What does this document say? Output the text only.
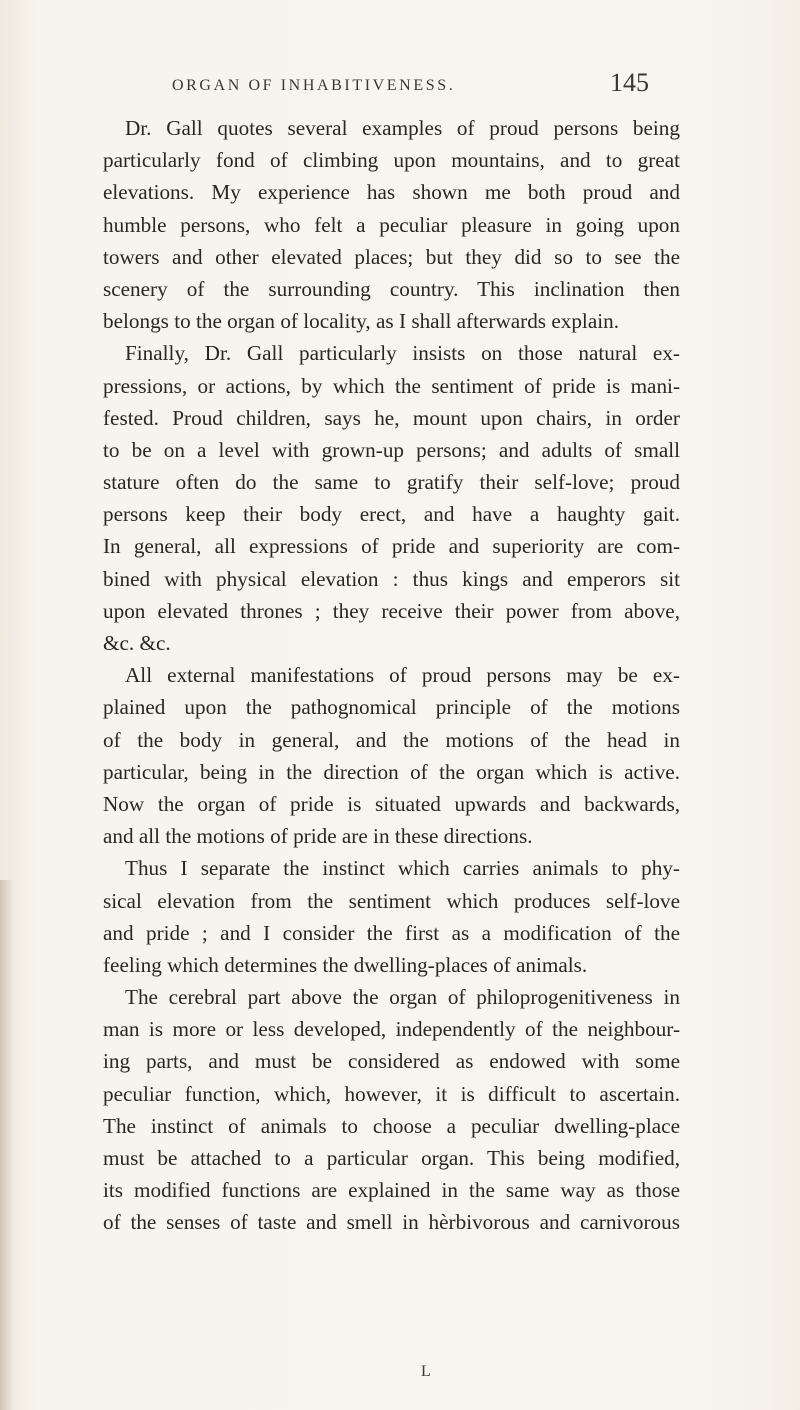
ORGAN OF INHABITIVENESS.	145
Dr. Gall quotes several examples of proud persons being
particularly fond of climbing upon mountains, and to great
elevations. My experience has shown me both proud and
humble persons, who felt a peculiar pleasure in going upon
towers and other elevated places; but they did so to see the
scenery of the surrounding country. This inclination then
belongs to the organ of locality, as I shall afterwards explain.
Finally, Dr. Gall particularly insists on those natural ex-
pressions, or actions, by which the sentiment of pride is mani-
fested. Proud children, says he, mount upon chairs, in order
to be on a level with grown-up persons; and adults of small
stature often do the same to gratify their self-love; proud
persons keep their body erect, and have a haughty gait.
In general, all expressions of pride and superiority are com-
bined with physical elevation : thus kings and emperors sit
upon elevated thrones ; they receive their power from above,
&c. &c.
All external manifestations of proud persons may be ex-
plained upon the pathognomical principle of the motions
of the body in general, and the motions of the head in
particular, being in the direction of the organ which is active.
Now the organ of pride is situated upwards and backwards,
and all the motions of pride are in these directions.
Thus I separate the instinct which carries animals to phy-
sical elevation from the sentiment which produces self-love
and pride ; and I consider the first as a modification of the
feeling which determines the dwelling-places of animals.
The cerebral part above the organ of philoprogenitiveness in
man is more or less developed, independently of the neighbour-
ing parts, and must be considered as endowed with some
peculiar function, which, however, it is difficult to ascertain.
The instinct of animals to choose a peculiar dwelling-place
must be attached to a particular organ. This being modified,
its modified functions are explained in the same way as those
of the senses of taste and smell in hèrbivorous and carnivorous
L
